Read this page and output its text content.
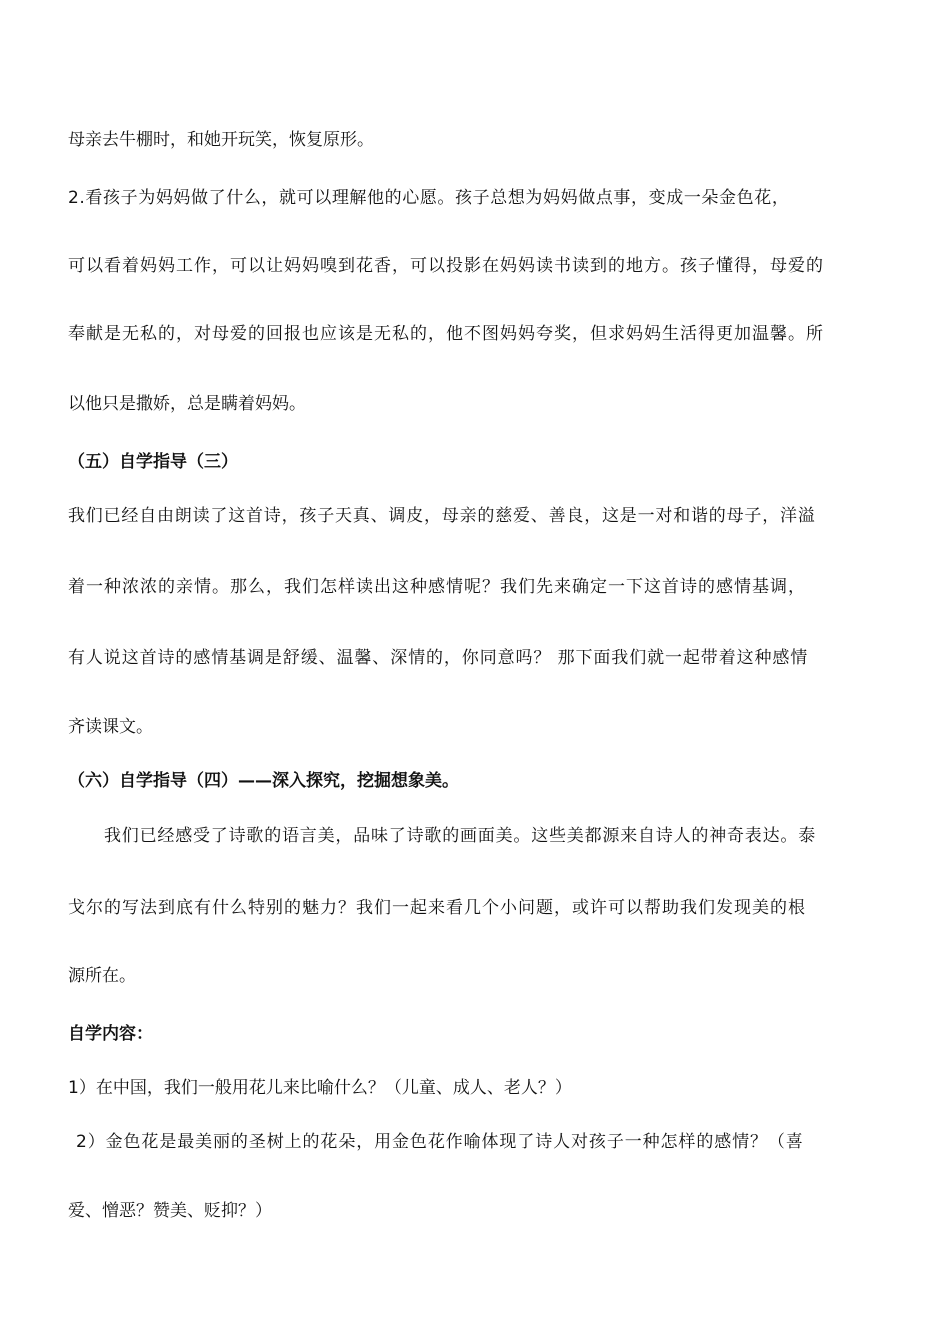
母亲去牛棚时，和她开玩笑，恢复原形。
2.看孩子为妈妈做了什么，就可以理解他的心愿。孩子总想为妈妈做点事，变成一朵金色花，
可以看着妈妈工作，可以让妈妈嗅到花香，可以投影在妈妈读书读到的地方。孩子懂得，母爱的
奉献是无私的，对母爱的回报也应该是无私的，他不图妈妈夸奖，但求妈妈生活得更加温馨。所
以他只是撒娇，总是瞒着妈妈。
（五）自学指导（三）
我们已经自由朗读了这首诗，孩子天真、调皮，母亲的慈爱、善良，这是一对和谐的母子，洋溢
着一种浓浓的亲情。那么，我们怎样读出这种感情呢？我们先来确定一下这首诗的感情基调，
有人说这首诗的感情基调是舒缓、温馨、深情的，你同意吗？ 那下面我们就一起带着这种感情
齐读课文。
（六）自学指导（四）——深入探究，挖掘想象美。
我们已经感受了诗歌的语言美，品味了诗歌的画面美。这些美都源来自诗人的神奇表达。泰
戈尔的写法到底有什么特别的魅力？我们一起来看几个小问题，或许可以帮助我们发现美的根
源所在。
自学内容：
1）在中国，我们一般用花儿来比喻什么？（儿童、成人、老人？）
2）金色花是最美丽的圣树上的花朵，用金色花作喻体现了诗人对孩子一种怎样的感情？（喜
爱、憎恶？赞美、贬抑？）
